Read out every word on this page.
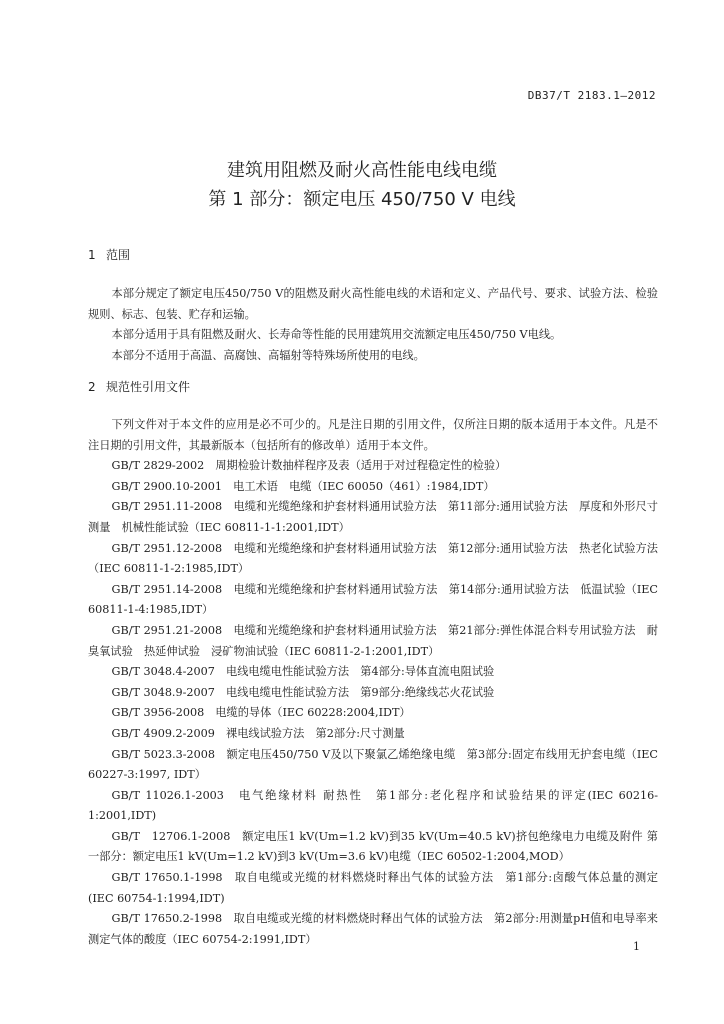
DB37/T 2183.1—2012
建筑用阻燃及耐火高性能电线电缆
第 1 部分：额定电压 450/750 V 电线
1 范围

本部分规定了额定电压450/750 V的阻燃及耐火高性能电线的术语和定义、产品代号、要求、试验方法、检验规则、标志、包装、贮存和运输。

本部分适用于具有阻燃及耐火、长寿命等性能的民用建筑用交流额定电压450/750 V电线。

本部分不适用于高温、高腐蚀、高辐射等特殊场所使用的电线。

2 规范性引用文件

下列文件对于本文件的应用是必不可少的。凡是注日期的引用文件，仅所注日期的版本适用于本文件。凡是不注日期的引用文件，其最新版本（包括所有的修改单）适用于本文件。

GB/T 2829-2002　周期检验计数抽样程序及表（适用于对过程稳定性的检验）

GB/T 2900.10-2001　电工术语　电缆（IEC 60050（461）:1984,IDT）

GB/T 2951.11-2008　电缆和光缆绝缘和护套材料通用试验方法　第11部分:通用试验方法　厚度和外形尺寸测量　机械性能试验（IEC 60811-1-1:2001,IDT）

GB/T 2951.12-2008　电缆和光缆绝缘和护套材料通用试验方法　第12部分:通用试验方法　热老化试验方法（IEC 60811-1-2:1985,IDT）

GB/T 2951.14-2008　电缆和光缆绝缘和护套材料通用试验方法　第14部分:通用试验方法　低温试验（IEC 60811-1-4:1985,IDT）

GB/T 2951.21-2008　电缆和光缆绝缘和护套材料通用试验方法　第21部分:弹性体混合料专用试验方法　耐臭氧试验　热延伸试验　浸矿物油试验（IEC 60811-2-1:2001,IDT）

GB/T 3048.4-2007　电线电缆电性能试验方法　第4部分:导体直流电阻试验

GB/T 3048.9-2007　电线电缆电性能试验方法　第9部分:绝缘线芯火花试验

GB/T 3956-2008　电缆的导体（IEC 60228:2004,IDT）

GB/T 4909.2-2009　裸电线试验方法　第2部分:尺寸测量

GB/T 5023.3-2008　额定电压450/750 V及以下聚氯乙烯绝缘电缆　第3部分:固定布线用无护套电缆（IEC 60227-3:1997, IDT）

GB/T 11026.1-2003　电气绝缘材料 耐热性　第1部分:老化程序和试验结果的评定(IEC 60216-1:2001,IDT)

GB/T　12706.1-2008　额定电压1 kV(Um=1.2 kV)到35 kV(Um=40.5 kV)挤包绝缘电力电缆及附件 第一部分：额定电压1 kV(Um=1.2 kV)到3 kV(Um=3.6 kV)电缆（IEC 60502-1:2004,MOD）

GB/T 17650.1-1998　取自电缆或光缆的材料燃烧时释出气体的试验方法　第1部分:卤酸气体总量的测定(IEC 60754-1:1994,IDT)

GB/T 17650.2-1998　取自电缆或光缆的材料燃烧时释出气体的试验方法　第2部分:用测量pH值和电导率来测定气体的酸度（IEC 60754-2:1991,IDT）

1
